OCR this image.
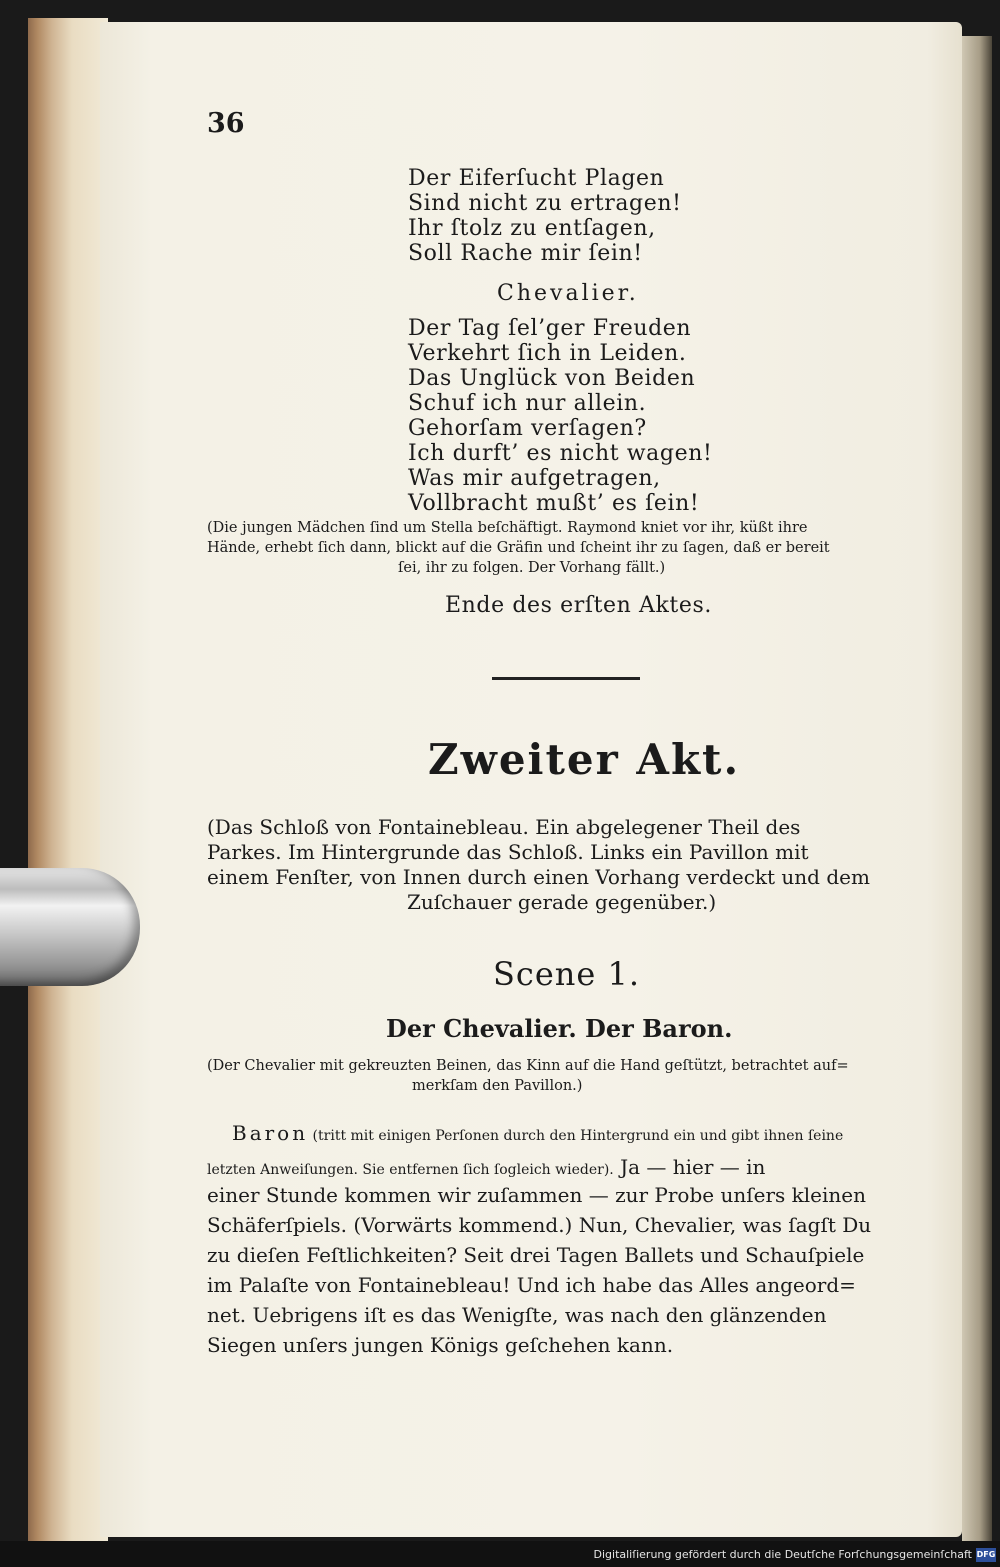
36
Der Eiferſucht Plagen
Sind nicht zu ertragen!
Ihr ſtolz zu entſagen,
Soll Rache mir ſein!
Chevalier.
Der Tag ſel’ger Freuden
Verkehrt ſich in Leiden.
Das Unglück von Beiden
Schuf ich nur allein.
Gehorſam verſagen?
Ich durft’ es nicht wagen!
Was mir aufgetragen,
Vollbracht mußt’ es ſein!
(Die jungen Mädchen ſind um Stella beſchäftigt. Raymond kniet vor ihr, küßt ihre
Hände, erhebt ſich dann, blickt auf die Gräfin und ſcheint ihr zu ſagen, daß er bereit
ſei, ihr zu folgen. Der Vorhang fällt.)
Ende des erſten Aktes.
Zweiter Akt.
(Das Schloß von Fontainebleau. Ein abgelegener Theil des
Parkes. Im Hintergrunde das Schloß. Links ein Pavillon mit
einem Fenſter, von Innen durch einen Vorhang verdeckt und dem
Zuſchauer gerade gegenüber.)
Scene 1.
Der Chevalier. Der Baron.
(Der Chevalier mit gekreuzten Beinen, das Kinn auf die Hand geſtützt, betrachtet auf=
merkſam den Pavillon.)
Baron (tritt mit einigen Perſonen durch den Hintergrund ein und gibt ihnen ſeine
letzten Anweiſungen. Sie entfernen ſich ſogleich wieder). Ja — hier — in
einer Stunde kommen wir zuſammen — zur Probe unſers kleinen
Schäferſpiels. (Vorwärts kommend.) Nun, Chevalier, was ſagſt Du
zu dieſen Feſtlichkeiten? Seit drei Tagen Ballets und Schauſpiele
im Palaſte von Fontainebleau! Und ich habe das Alles angeord=
net. Uebrigens iſt es das Wenigſte, was nach den glänzenden
Siegen unſers jungen Königs geſchehen kann.
Digitaliſierung gefördert durch die Deutſche Forſchungsgemeinſchaft DFG
